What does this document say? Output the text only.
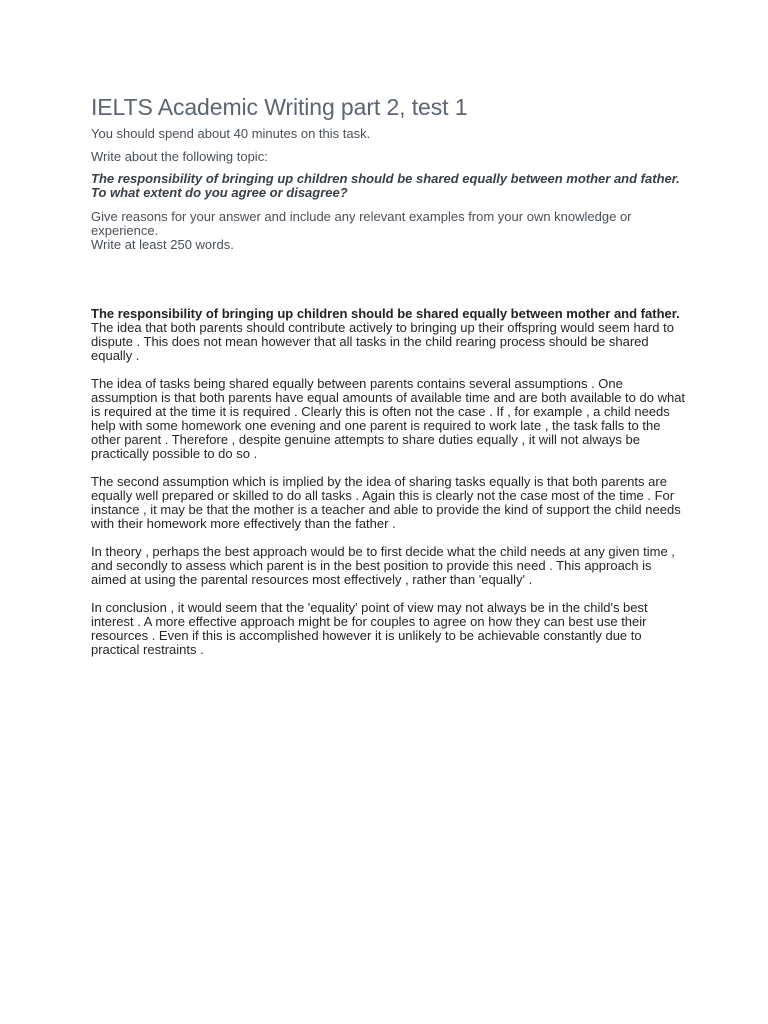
IELTS Academic Writing part 2, test 1

You should spend about 40 minutes on this task.

Write about the following topic:

The responsibility of bringing up children should be shared equally between mother and father.
To what extent do you agree or disagree?
Give reasons for your answer and include any relevant examples from your own knowledge or experience.
Write at least 250 words.

The responsibility of bringing up children should be shared equally between mother and father.
The idea that both parents should contribute actively to bringing up their offspring would seem hard to dispute . This does not mean however that all tasks in the child rearing process should be shared equally .

The idea of tasks being shared equally between parents contains several assumptions . One assumption is that both parents have equal amounts of available time and are both available to do what is required at the time it is required . Clearly this is often not the case . If , for example , a child needs help with some homework one evening and one parent is required to work late , the task falls to the other parent . Therefore , despite genuine attempts to share duties equally , it will not always be practically possible to do so .

The second assumption which is implied by the idea of sharing tasks equally is that both parents are equally well prepared or skilled to do all tasks . Again this is clearly not the case most of the time . For instance , it may be that the mother is a teacher and able to provide the kind of support the child needs with their homework more effectively than the father .

In theory , perhaps the best approach would be to first decide what the child needs at any given time , and secondly to assess which parent is in the best position to provide this need . This approach is aimed at using the parental resources most effectively , rather than 'equally' .

In conclusion , it would seem that the 'equality' point of view may not always be in the child's best interest . A more effective approach might be for couples to agree on how they can best use their resources . Even if this is accomplished however it is unlikely to be achievable constantly due to practical restraints .
